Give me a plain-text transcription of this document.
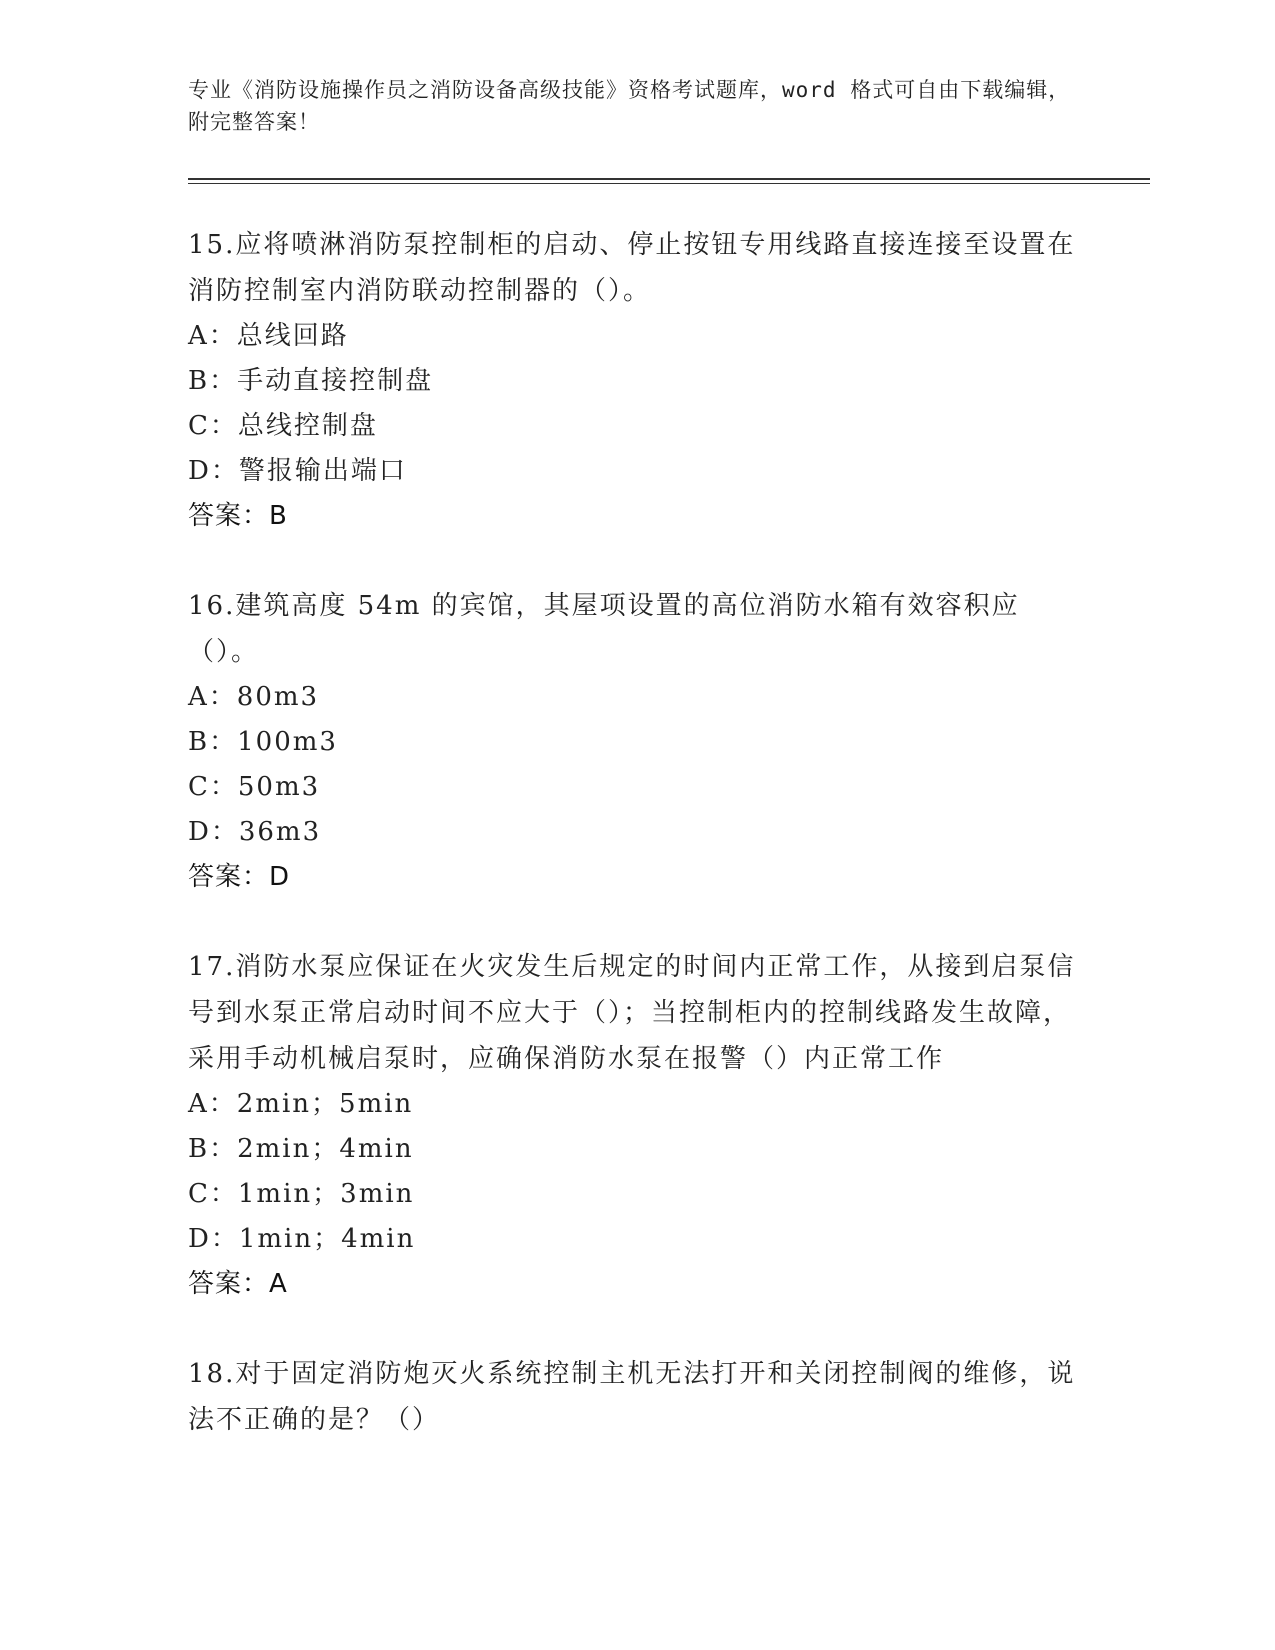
专业《消防设施操作员之消防设备高级技能》资格考试题库，word 格式可自由下载编辑，附完整答案！

15.应将喷淋消防泵控制柜的启动、停止按钮专用线路直接连接至设置在消防控制室内消防联动控制器的（）。

A：总线回路
B：手动直接控制盘
C：总线控制盘
D：警报输出端口

答案：B

16.建筑高度 54m 的宾馆，其屋项设置的高位消防水箱有效容积应（）。

A：80m3
B：100m3
C：50m3
D：36m3

答案：D

17.消防水泵应保证在火灾发生后规定的时间内正常工作，从接到启泵信号到水泵正常启动时间不应大于（）；当控制柜内的控制线路发生故障，采用手动机械启泵时，应确保消防水泵在报警（）内正常工作

A：2min；5min
B：2min；4min
C：1min；3min
D：1min；4min

答案：A

18.对于固定消防炮灭火系统控制主机无法打开和关闭控制阀的维修，说法不正确的是？（）
